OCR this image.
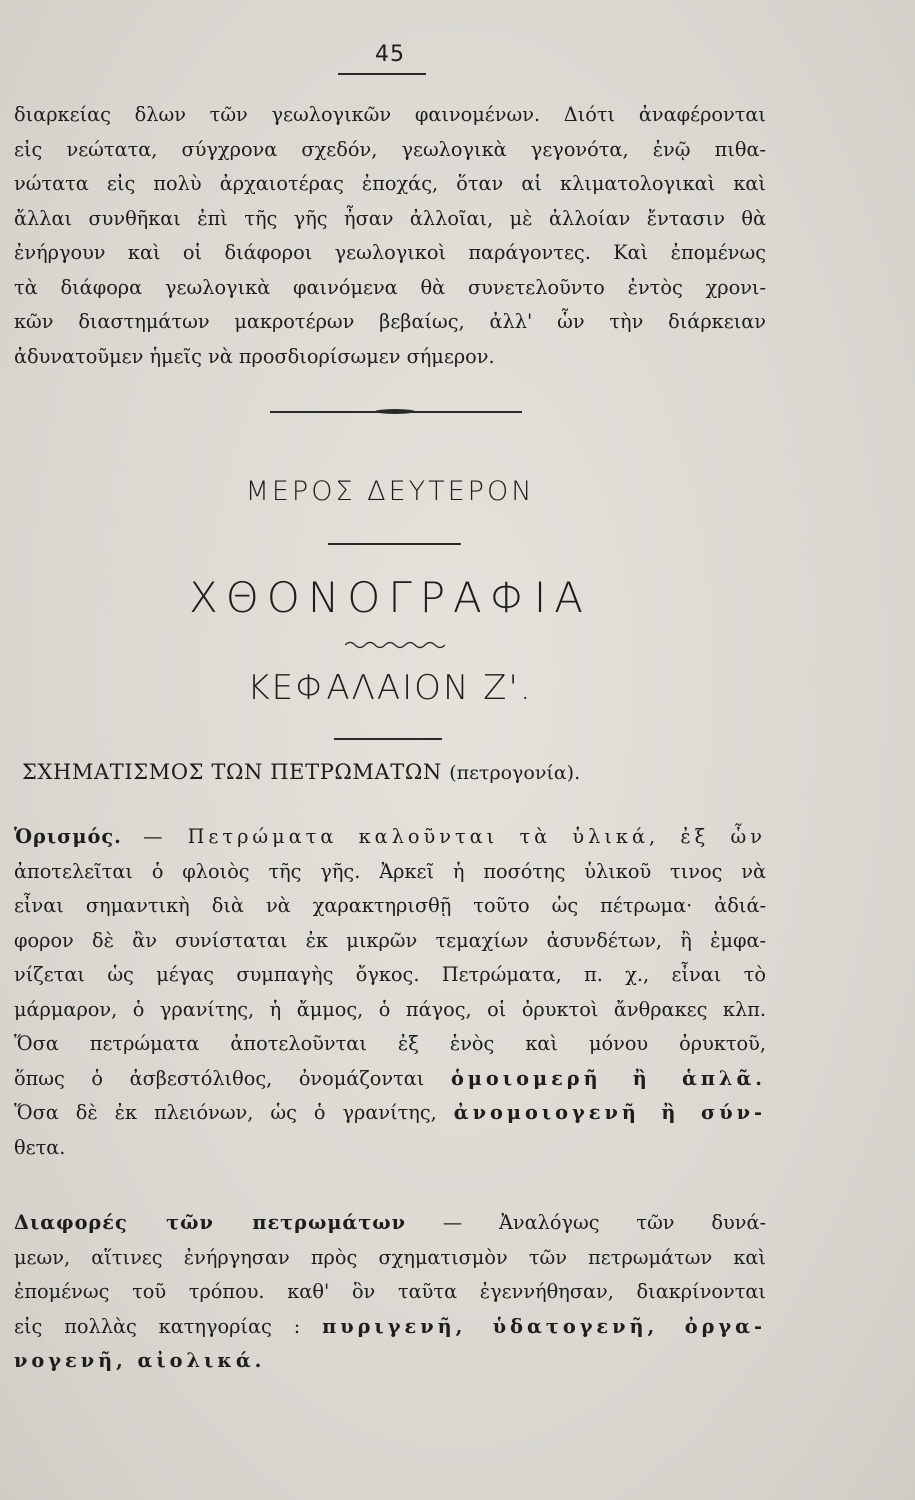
45
διαρκείας δλων τῶν γεωλογικῶν φαινομένων. Διότι ἀναφέρονται
εἰς νεώτατα, σύγχρονα σχεδόν, γεωλογικὰ γεγονότα, ἐνῷ πιθα-
νώτατα εἰς πολὺ ἀρχαιοτέρας ἐποχάς, ὅταν αἱ κλιματολογικαὶ καὶ
ἄλλαι συνθῆκαι ἐπὶ τῆς γῆς ἦσαν ἀλλοῖαι, μὲ ἀλλοίαν ἔντασιν θὰ
ἐνήργουν καὶ οἱ διάφοροι γεωλογικοὶ παράγοντες. Καὶ ἐπομένως
τὰ διάφορα γεωλογικὰ φαινόμενα θὰ συνετελοῦντο ἐντὸς χρονι-
κῶν διαστημάτων μακροτέρων βεβαίως, ἀλλ' ὧν τὴν διάρκειαν
ἀδυνατοῦμεν ἡμεῖς νὰ προσδιορίσωμεν σήμερον.
ΜΕΡΟΣ ΔΕΥΤΕΡΟΝ
ΧΘΟΝΟΓΡΑΦΙΑ
ΚΕΦΑΛΑΙΟΝ Ζ'.
ΣΧΗΜΑΤΙΣΜΟΣ ΤΩΝ ΠΕΤΡΩΜΑΤΩΝ (πετρογονία).
Ὁρισμός. — Πετρώματα καλοῦνται τὰ ὑλικά, ἐξ ὧν
ἀποτελεῖται ὁ φλοιὸς τῆς γῆς. Ἀρκεῖ ἡ ποσότης ὑλικοῦ τινος νὰ
εἶναι σημαντικὴ διὰ νὰ χαρακτηρισθῇ τοῦτο ὡς πέτρωμα· ἀδιά-
φορον δὲ ἂν συνίσταται ἐκ μικρῶν τεμαχίων ἀσυνδέτων, ἢ ἐμφα-
νίζεται ὡς μέγας συμπαγὴς ὄγκος. Πετρώματα, π. χ., εἶναι τὸ
μάρμαρον, ὁ γρανίτης, ἡ ἄμμος, ὁ πάγος, οἱ ὀρυκτοὶ ἄνθρακες κλπ.
Ὅσα πετρώματα ἀποτελοῦνται ἐξ ἑνὸς καὶ μόνου ὀρυκτοῦ,
ὅπως ὁ ἀσβεστόλιθος, ὀνομάζονται ὁμοιομερῆ ἢ ἁπλᾶ.
Ὅσα δὲ ἐκ πλειόνων, ὡς ὁ γρανίτης, ἀνομοιογενῆ ἢ σύν-
θετα.
Διαφορές τῶν πετρωμάτων — Ἀναλόγως τῶν δυνά-
μεων, αἵτινες ἐνήργησαν πρὸς σχηματισμὸν τῶν πετρωμάτων καὶ
ἐπομένως τοῦ τρόπου. καθ' ὃν ταῦτα ἐγεννήθησαν, διακρίνονται
εἰς πολλὰς κατηγορίας : πυριγενῆ, ὑδατογενῆ, ὀργα-
νογενῆ, αἰολικά.
